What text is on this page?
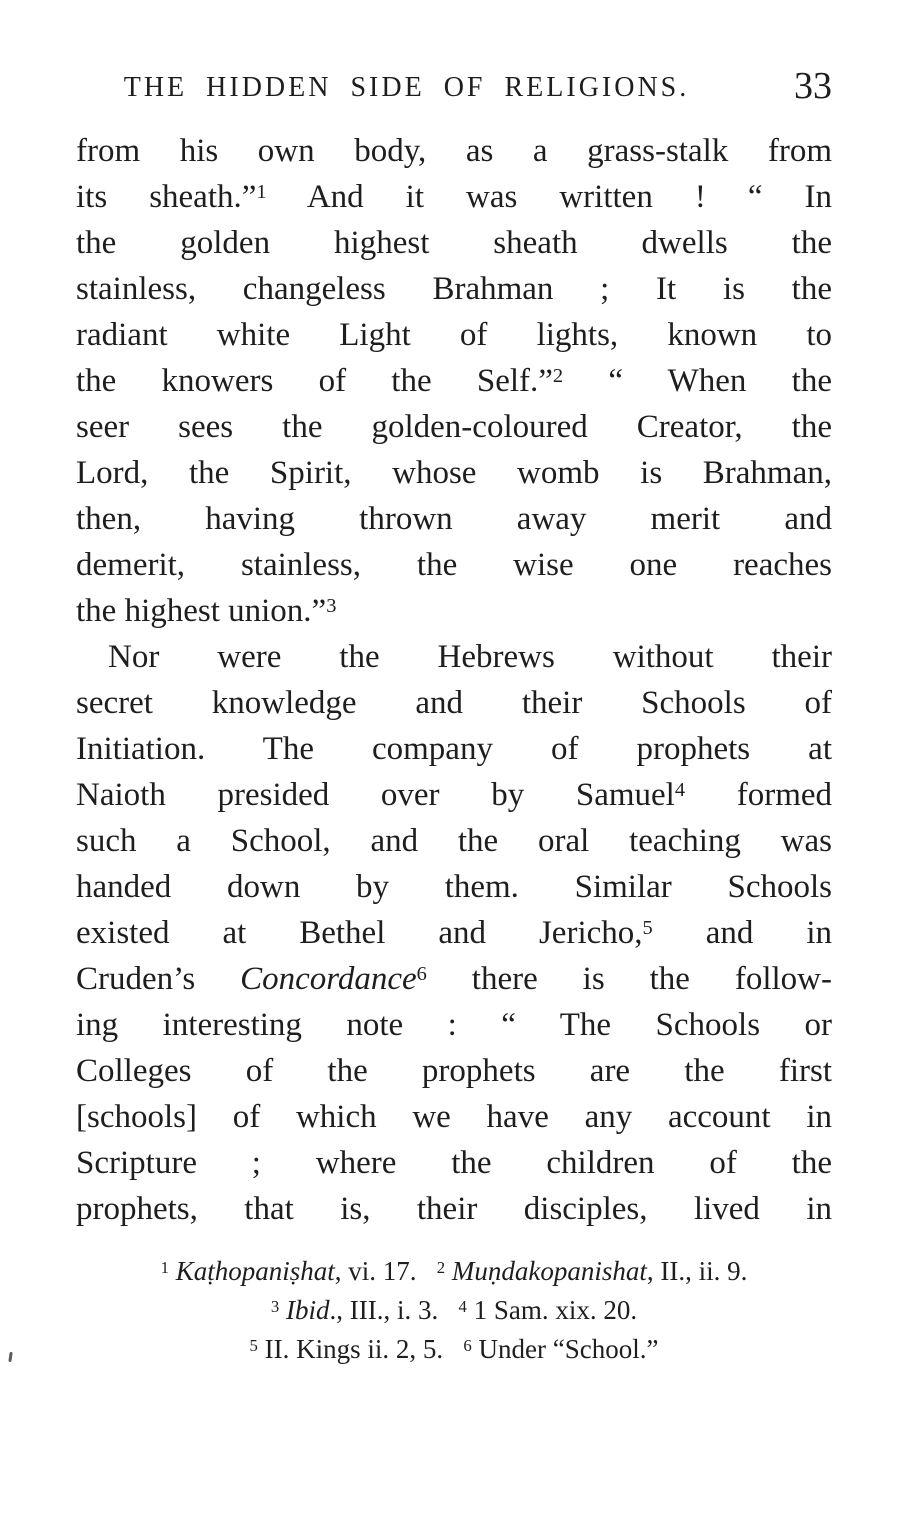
THE HIDDEN SIDE OF RELIGIONS.	33
from his own body, as a grass-stalk from
its sheath.”$^1$ And it was written ! “ In
the golden highest sheath dwells the
stainless, changeless Brahman ; It is the
radiant white Light of lights, known to
the knowers of the Self.”$^2$ “ When the
seer sees the golden-coloured Creator, the
Lord, the Spirit, whose womb is Brahman,
then, having thrown away merit and
demerit, stainless, the wise one reaches
the highest union.”$^3$
Nor were the Hebrews without their
secret knowledge and their Schools of
Initiation. The company of prophets at
Naioth presided over by Samuel$^4$ formed
such a School, and the oral teaching was
handed down by them. Similar Schools
existed at Bethel and Jericho,$^5$ and in
Cruden’s Concordance$^6$ there is the follow-
ing interesting note : “ The Schools or
Colleges of the prophets are the first
[schools] of which we have any account in
Scripture ; where the children of the
prophets, that is, their disciples, lived in
$^1$ Kaṭhopaniṣhat, vi. 17.   $^2$ Muṇdakopanishat, II., ii. 9.
$^3$ Ibid., III., i. 3.   $^4$ 1 Sam. xix. 20.
$^5$ II. Kings ii. 2, 5.   $^6$ Under “School.”
